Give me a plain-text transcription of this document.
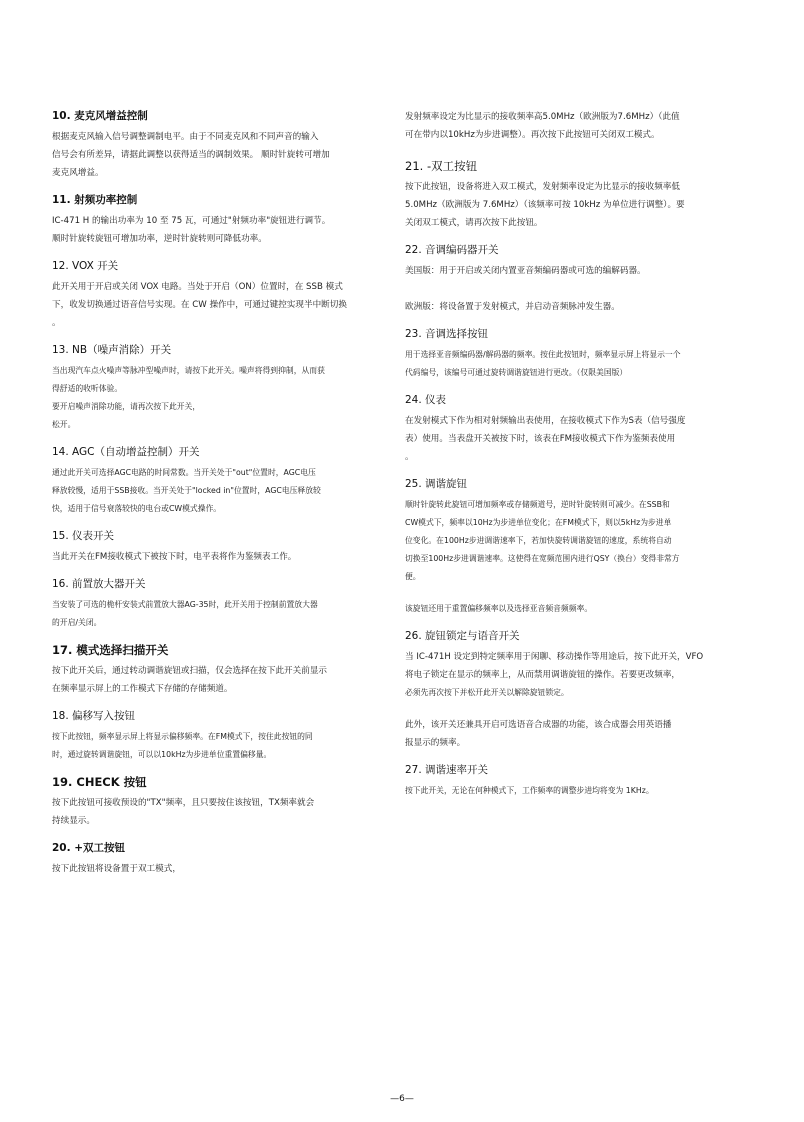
10. 麦克风增益控制

根据麦克风输入信号调整调制电平。由于不同麦克风和不同声音的输入

信号会有所差异，请据此调整以获得适当的调制效果。 顺时针旋转可增加

麦克风增益。

11. 射频功率控制

IC-471 H 的输出功率为 10 至 75 瓦，可通过"射频功率"旋钮进行调节。

顺时针旋转旋钮可增加功率，逆时针旋转则可降低功率。

12. VOX 开关

此开关用于开启或关闭 VOX 电路。当处于开启（ON）位置时，在 SSB 模式

下，收发切换通过语音信号实现。在 CW 操作中，可通过键控实现半中断切换

。

13. NB（噪声消除）开关

当出现汽车点火噪声等脉冲型噪声时，请按下此开关。噪声将得到抑制，从而获

得舒适的收听体验。

要开启噪声消除功能，请再次按下此开关，

松开。

14. AGC（自动增益控制）开关

通过此开关可选择AGC电路的时间常数。当开关处于"out"位置时，AGC电压

释放较慢，适用于SSB接收。当开关处于"locked in"位置时，AGC电压释放较

快，适用于信号衰落较快的电台或CW模式操作。

15. 仪表开关

当此开关在FM接收模式下被按下时，电平表将作为鉴频表工作。

16. 前置放大器开关

当安装了可选的桅杆安装式前置放大器AG-35时，此开关用于控制前置放大器

的开启/关闭。

17. 模式选择扫描开关

按下此开关后，通过转动调谐旋钮或扫描，仅会选择在按下此开关前显示

在频率显示屏上的工作模式下存储的存储频道。

18. 偏移写入按钮

按下此按钮，频率显示屏上将显示偏移频率。在FM模式下，按住此按钮的同

时，通过旋转调谐旋钮，可以以10kHz为步进单位重置偏移量。

19. CHECK 按钮

按下此按钮可接收预设的"TX"频率，且只要按住该按钮，TX频率就会

持续显示。

20. +双工按钮

按下此按钮将设备置于双工模式，

发射频率设定为比显示的接收频率高5.0MHz（欧洲版为7.6MHz）（此值

可在带内以10kHz为步进调整）。再次按下此按钮可关闭双工模式。

21. -双工按钮

按下此按钮，设备将进入双工模式，发射频率设定为比显示的接收频率低

5.0MHz（欧洲版为 7.6MHz）（该频率可按 10kHz 为单位进行调整）。要

关闭双工模式，请再次按下此按钮。

22. 音调编码器开关

美国版：用于开启或关闭内置亚音频编码器或可选的编解码器。

欧洲版：将设备置于发射模式，并启动音频脉冲发生器。

23. 音调选择按钮

用于选择亚音频编码器/解码器的频率。按住此按钮时，频率显示屏上将显示一个

代码编号，该编号可通过旋转调谐旋钮进行更改。（仅限美国版）

24. 仪表

在发射模式下作为相对射频输出表使用，在接收模式下作为S表（信号强度

表）使用。当表盘开关被按下时，该表在FM接收模式下作为鉴频表使用

。

25. 调谐旋钮

顺时针旋转此旋钮可增加频率或存储频道号，逆时针旋转则可减少。在SSB和

CW模式下，频率以10Hz为步进单位变化；在FM模式下，则以5kHz为步进单

位变化。在100Hz步进调谐速率下，若加快旋转调谐旋钮的速度，系统将自动

切换至100Hz步进调谐速率。这使得在宽频范围内进行QSY（换台）变得非常方

便。

该旋钮还用于重置偏移频率以及选择亚音频音频频率。

26. 旋钮锁定与语音开关

当 IC-471H 设定到特定频率用于闲聊、移动操作等用途后，按下此开关，VFO

将电子锁定在显示的频率上，从而禁用调谐旋钮的操作。若要更改频率，

必须先再次按下并松开此开关以解除旋钮锁定。

此外，该开关还兼具开启可选语音合成器的功能，该合成器会用英语播

报显示的频率。

27. 调谐速率开关

按下此开关，无论在何种模式下，工作频率的调整步进均将变为 1KHz。

—6—
